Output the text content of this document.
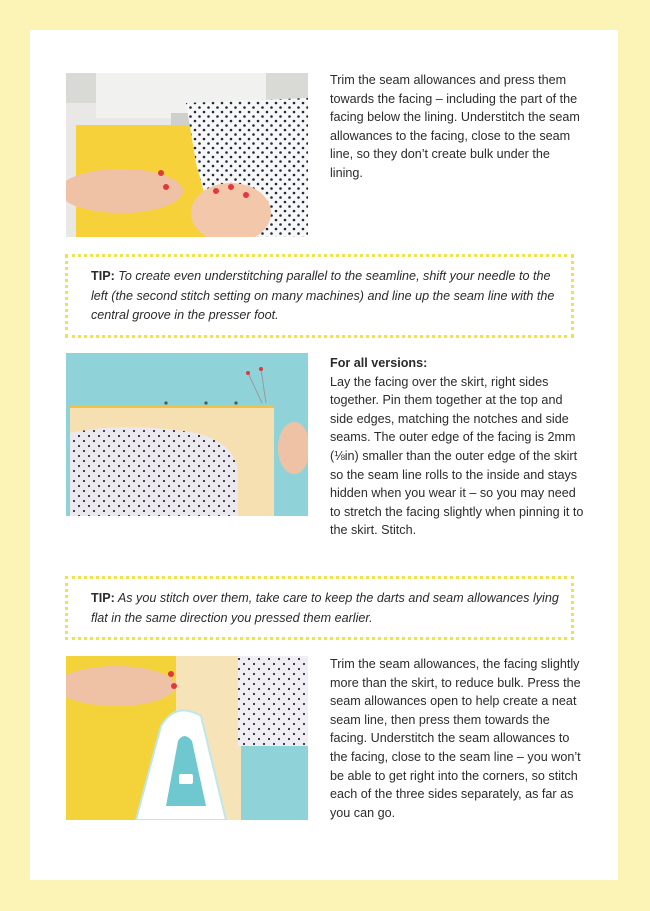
Trim the seam allowances and press them towards the facing – including the part of the facing below the lining. Understitch the seam allowances to the facing, close to the seam line, so they don’t create bulk under the lining.

TIP: To create even understitching parallel to the seamline, shift your needle to the left (the second stitch setting on many machines) and line up the seam line with the central groove in the presser foot.

For all versions:

Lay the facing over the skirt, right sides together. Pin them together at the top and side edges, matching the notches and side seams. The outer edge of the facing is 2mm (⅛in) smaller than the outer edge of the skirt so the seam line rolls to the inside and stays hidden when you wear it – so you may need to stretch the facing slightly when pinning it to the skirt. Stitch.

TIP: As you stitch over them, take care to keep the darts and seam allowances lying flat in the same direction you pressed them earlier.

Trim the seam allowances, the facing slightly more than the skirt, to reduce bulk. Press the seam allowances open to help create a neat seam line, then press them towards the facing. Understitch the seam allowances to the facing, close to the seam line – you won’t be able to get right into the corners, so stitch each of the three sides separately, as far as you can go.
